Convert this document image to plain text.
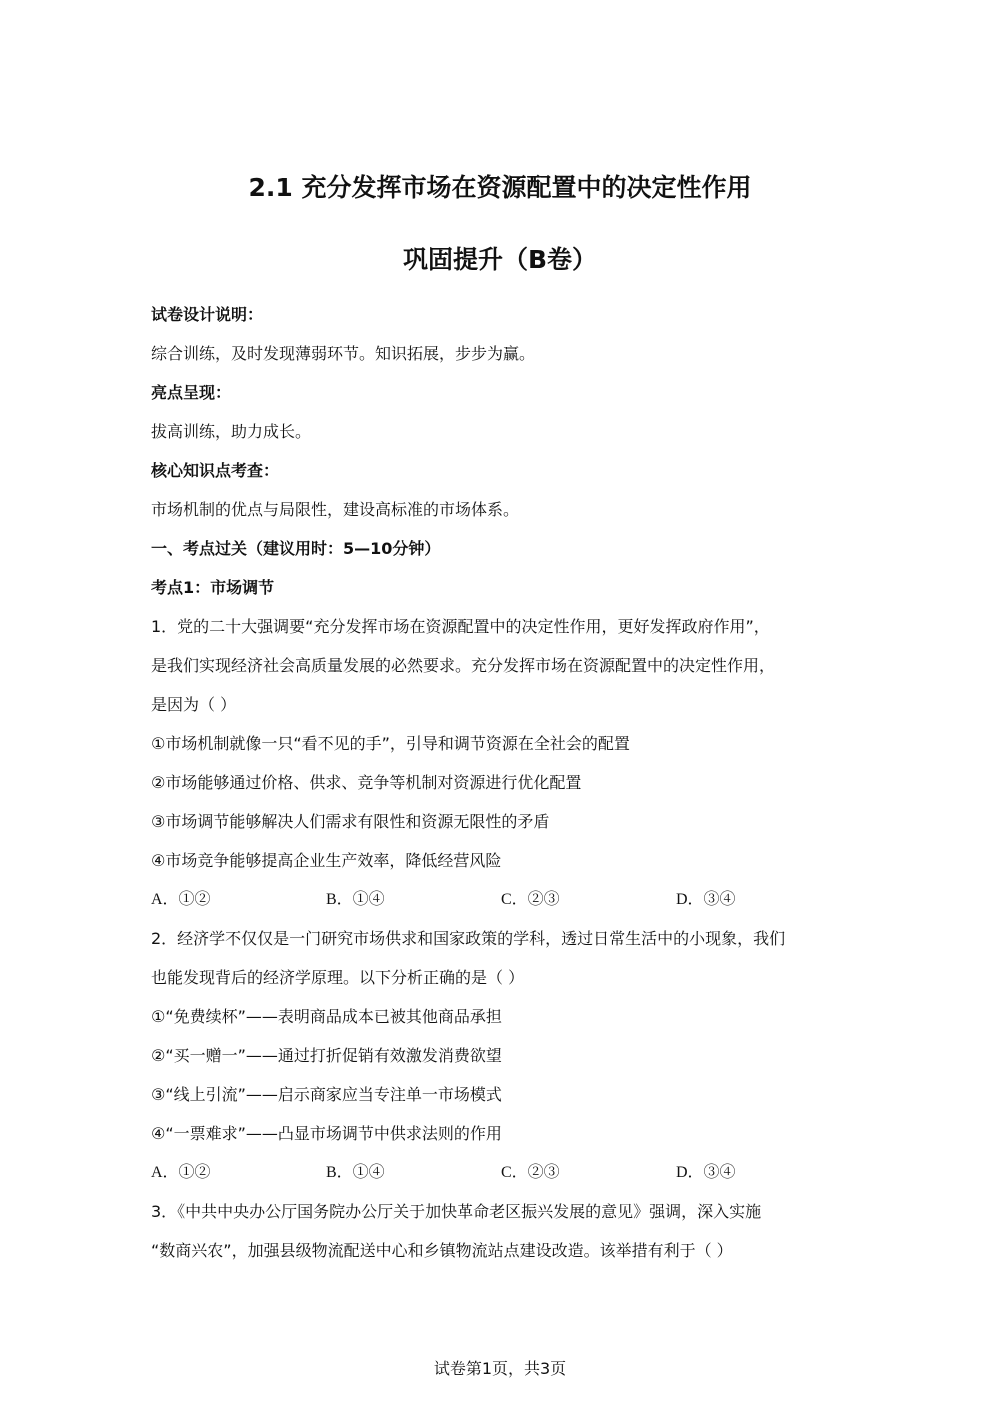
2.1 充分发挥市场在资源配置中的决定性作用
巩固提升（B卷）
试卷设计说明：
综合训练，及时发现薄弱环节。知识拓展，步步为赢。
亮点呈现：
拔高训练，助力成长。
核心知识点考查：
市场机制的优点与局限性，建设高标准的市场体系。
一、考点过关（建议用时：5—10分钟）
考点1：市场调节
1．党的二十大强调要“充分发挥市场在资源配置中的决定性作用，更好发挥政府作用”，
是我们实现经济社会高质量发展的必然要求。充分发挥市场在资源配置中的决定性作用，
是因为（ ）
①市场机制就像一只“看不见的手”，引导和调节资源在全社会的配置
②市场能够通过价格、供求、竞争等机制对资源进行优化配置
③市场调节能够解决人们需求有限性和资源无限性的矛盾
④市场竞争能够提高企业生产效率，降低经营风险
A．①②	B．①④	C．②③	D．③④
2．经济学不仅仅是一门研究市场供求和国家政策的学科，透过日常生活中的小现象，我们
也能发现背后的经济学原理。以下分析正确的是（ ）
①“免费续杯”——表明商品成本已被其他商品承担
②“买一赠一”——通过打折促销有效激发消费欲望
③“线上引流”——启示商家应当专注单一市场模式
④“一票难求”——凸显市场调节中供求法则的作用
A．①②	B．①④	C．②③	D．③④
3．《中共中央办公厅国务院办公厅关于加快革命老区振兴发展的意见》强调，深入实施
“数商兴农”，加强县级物流配送中心和乡镇物流站点建设改造。该举措有利于（ ）
试卷第1页，共3页
